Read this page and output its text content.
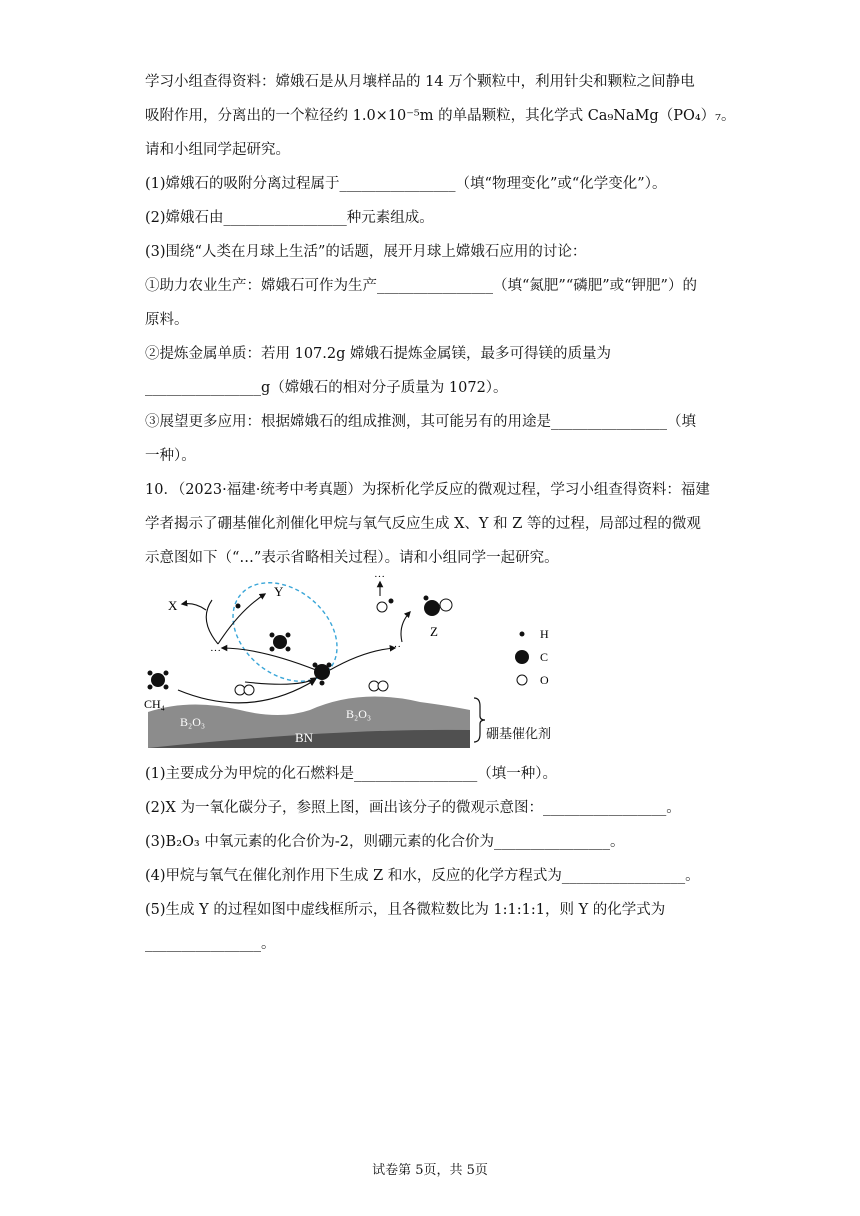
学习小组查得资料：嫦娥石是从月壤样品的 14 万个颗粒中，利用针尖和颗粒之间静电
吸附作用，分离出的一个粒径约 1.0×10⁻⁵m 的单晶颗粒，其化学式 Ca₉NaMg（PO₄）₇。
请和小组同学起研究。
(1)嫦娥石的吸附分离过程属于________________（填“物理变化”或“化学变化”）。
(2)嫦娥石由_________________种元素组成。
(3)围绕“人类在月球上生活”的话题，展开月球上嫦娥石应用的讨论：
①助力农业生产：嫦娥石可作为生产________________（填“氮肥”“磷肥”或“钾肥”）的
原料。
②提炼金属单质：若用 107.2g 嫦娥石提炼金属镁，最多可得镁的质量为
________________g（嫦娥石的相对分子质量为 1072）。
③展望更多应用：根据嫦娥石的组成推测，其可能另有的用途是________________（填
一种）。
10．（2023·福建·统考中考真题）为探析化学反应的微观过程，学习小组查得资料：福建
学者揭示了硼基催化剂催化甲烷与氧气反应生成 X、Y 和 Z 等的过程，局部过程的微观
示意图如下（“…”表示省略相关过程）。请和小组同学一起研究。
B₂O₃
B₂O₃
BN	硼基催化剂
CH₄
···
X
Y
···
···
Z	H
C
O
(1)主要成分为甲烷的化石燃料是_________________（填一种）。
(2)X 为一氧化碳分子，参照上图，画出该分子的微观示意图：_________________。
(3)B₂O₃ 中氧元素的化合价为-2，则硼元素的化合价为________________。
(4)甲烷与氧气在催化剂作用下生成 Z 和水，反应的化学方程式为_________________。
(5)生成 Y 的过程如图中虚线框所示，且各微粒数比为 1:1:1:1，则 Y 的化学式为
________________。
试卷第 5页，共 5页
